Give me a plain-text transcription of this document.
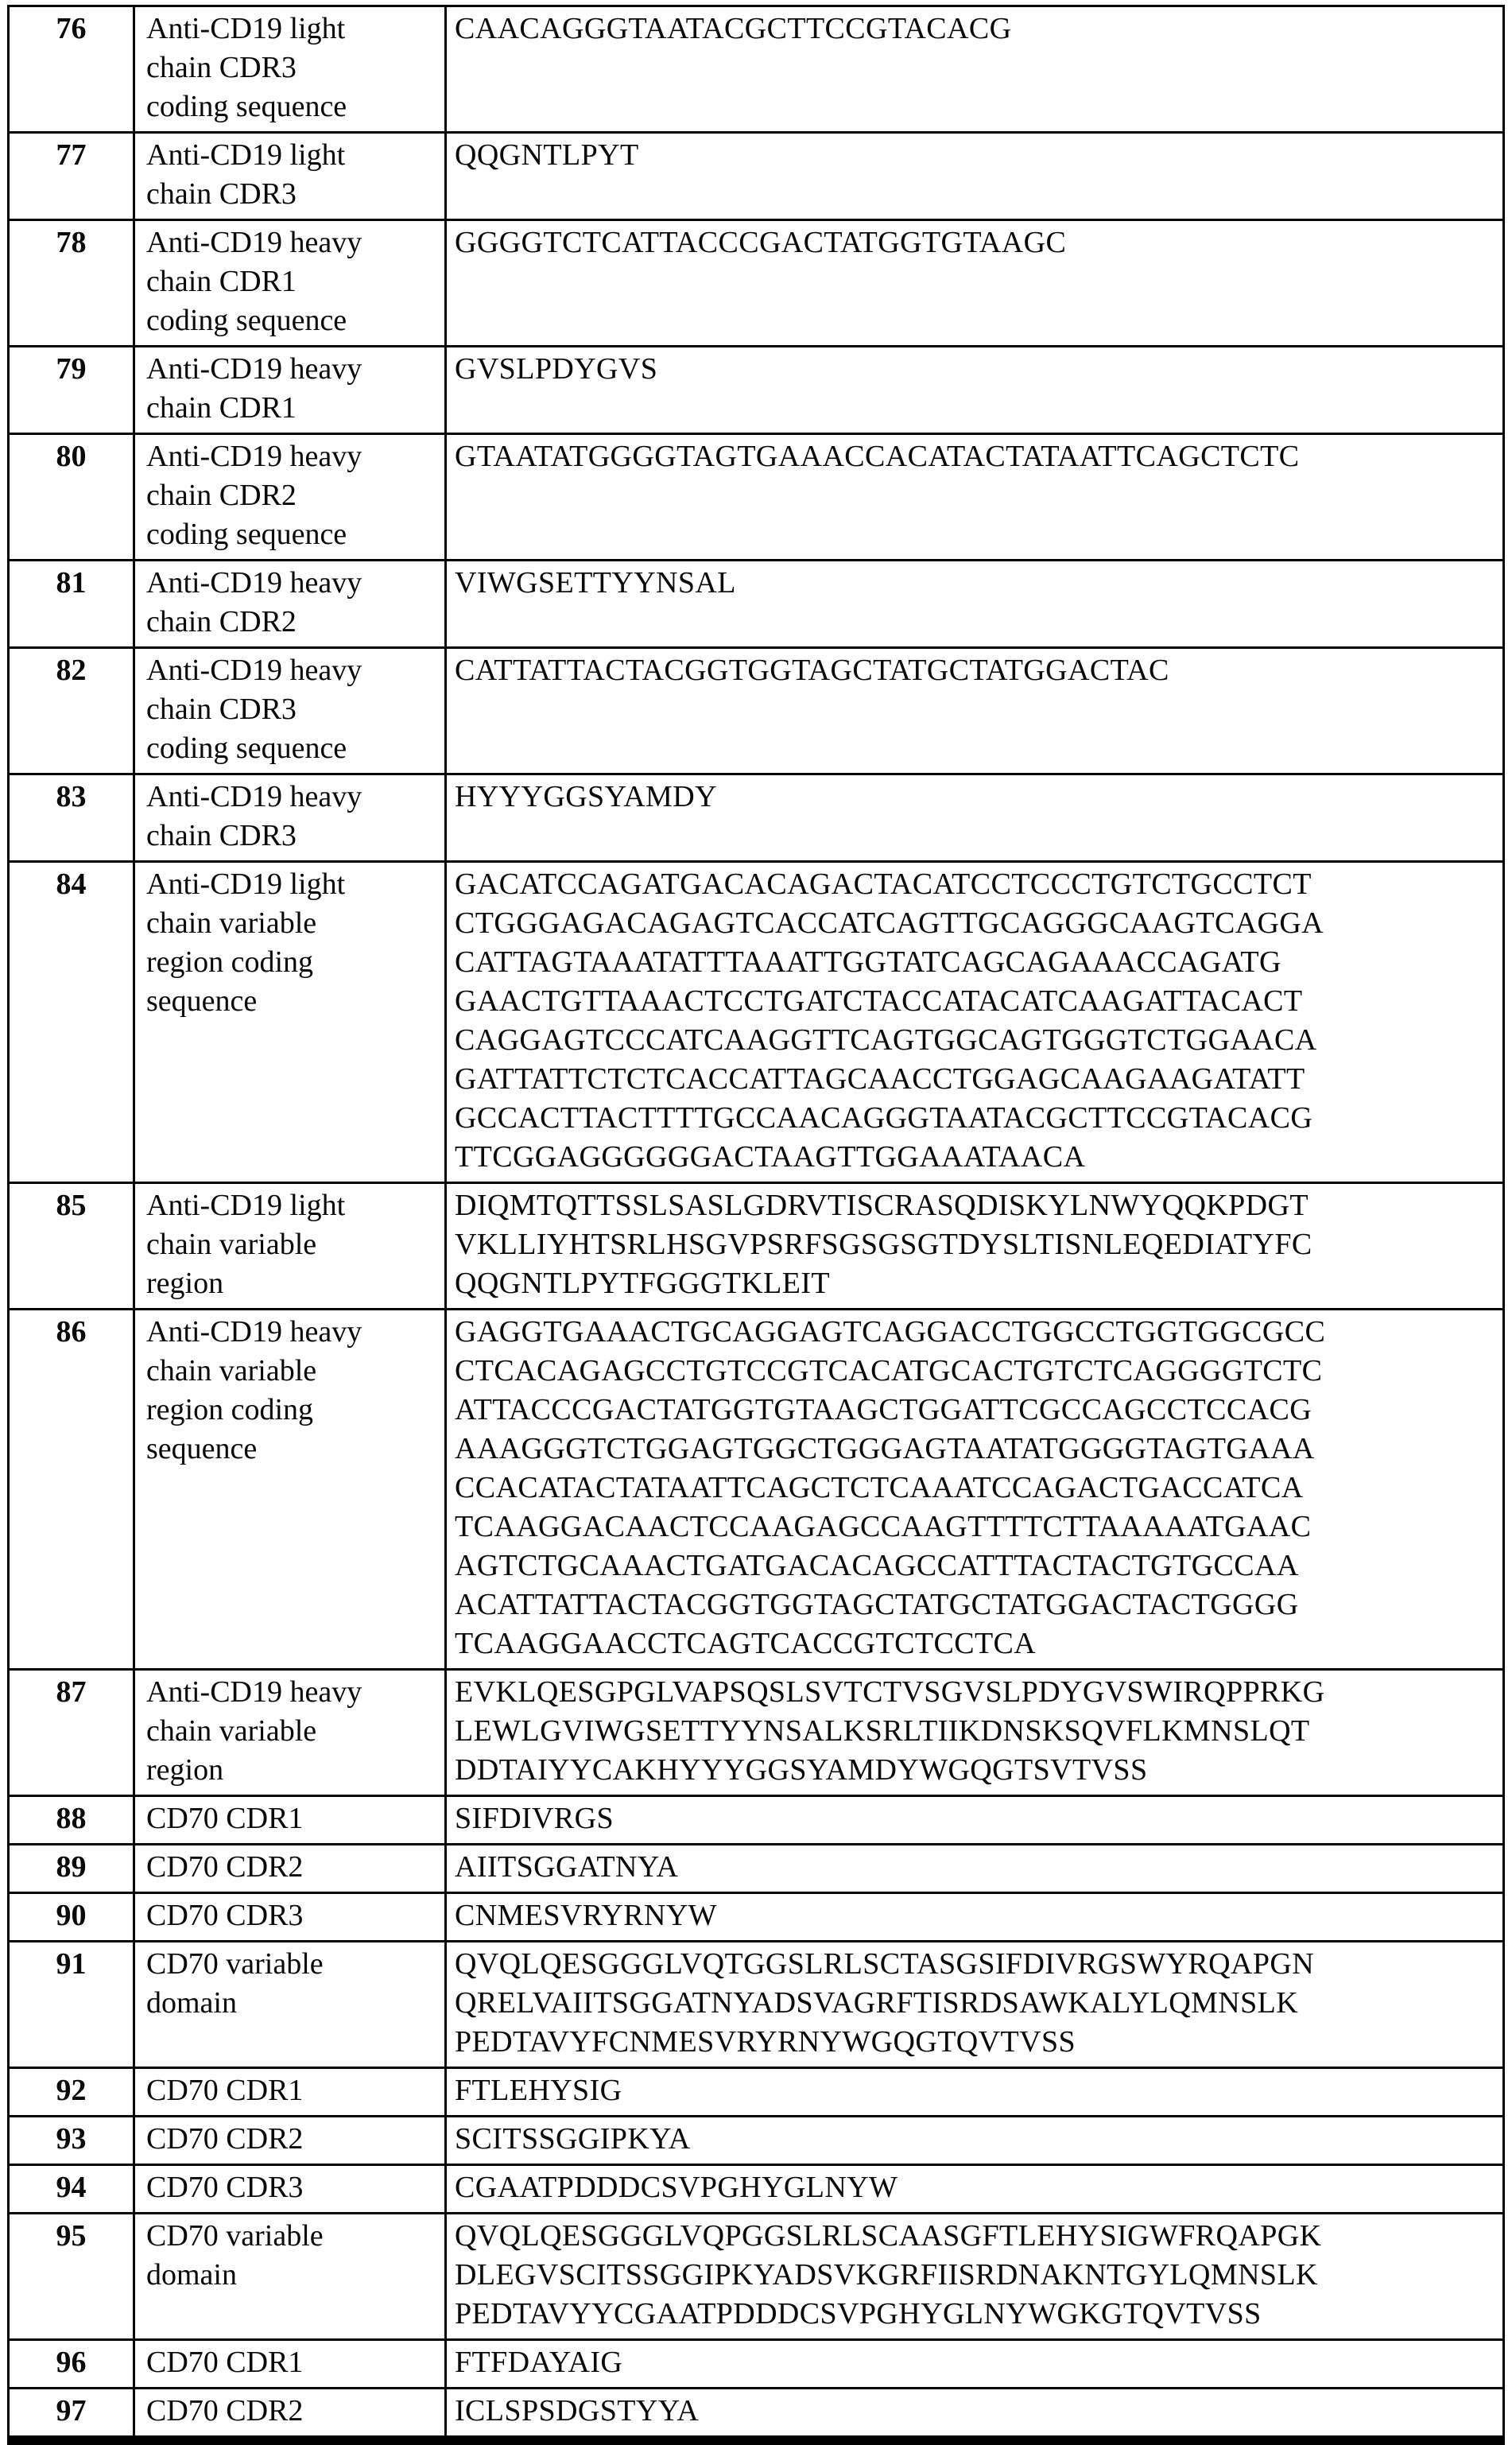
76	Anti-CD19 light
chain CDR3
coding sequence	CAACAGGGTAATACGCTTCCGTACACG
77	Anti-CD19 light
chain CDR3	QQGNTLPYT
78	Anti-CD19 heavy
chain CDR1
coding sequence	GGGGTCTCATTACCCGACTATGGTGTAAGC
79	Anti-CD19 heavy
chain CDR1	GVSLPDYGVS
80	Anti-CD19 heavy
chain CDR2
coding sequence	GTAATATGGGGTAGTGAAACCACATACTATAATTCAGCTCTC
81	Anti-CD19 heavy
chain CDR2	VIWGSETTYYNSAL
82	Anti-CD19 heavy
chain CDR3
coding sequence	CATTATTACTACGGTGGTAGCTATGCTATGGACTAC
83	Anti-CD19 heavy
chain CDR3	HYYYGGSYAMDY
84	Anti-CD19 light
chain variable
region coding
sequence	GACATCCAGATGACACAGACTACATCCTCCCTGTCTGCCTCT
CTGGGAGACAGAGTCACCATCAGTTGCAGGGCAAGTCAGGA
CATTAGTAAATATTTAAATTGGTATCAGCAGAAACCAGATG
GAACTGTTAAACTCCTGATCTACCATACATCAAGATTACACT
CAGGAGTCCCATCAAGGTTCAGTGGCAGTGGGTCTGGAACA
GATTATTCTCTCACCATTAGCAACCTGGAGCAAGAAGATATT
GCCACTTACTTTTGCCAACAGGGTAATACGCTTCCGTACACG
TTCGGAGGGGGGACTAAGTTGGAAATAACA
85	Anti-CD19 light
chain variable
region	DIQMTQTTSSLSASLGDRVTISCRASQDISKYLNWYQQKPDGT
VKLLIYHTSRLHSGVPSRFSGSGSGTDYSLTISNLEQEDIATYFC
QQGNTLPYTFGGGTKLEIT
86	Anti-CD19 heavy
chain variable
region coding
sequence	GAGGTGAAACTGCAGGAGTCAGGACCTGGCCTGGTGGCGCC
CTCACAGAGCCTGTCCGTCACATGCACTGTCTCAGGGGTCTC
ATTACCCGACTATGGTGTAAGCTGGATTCGCCAGCCTCCACG
AAAGGGTCTGGAGTGGCTGGGAGTAATATGGGGTAGTGAAA
CCACATACTATAATTCAGCTCTCAAATCCAGACTGACCATCA
TCAAGGACAACTCCAAGAGCCAAGTTTTCTTAAAAATGAAC
AGTCTGCAAACTGATGACACAGCCATTTACTACTGTGCCAA
ACATTATTACTACGGTGGTAGCTATGCTATGGACTACTGGGG
TCAAGGAACCTCAGTCACCGTCTCCTCA
87	Anti-CD19 heavy
chain variable
region	EVKLQESGPGLVAPSQSLSVTCTVSGVSLPDYGVSWIRQPPRKG
LEWLGVIWGSETTYYNSALKSRLTIIKDNSKSQVFLKMNSLQT
DDTAIYYCAKHYYYGGSYAMDYWGQGTSVTVSS
88	CD70 CDR1	SIFDIVRGS
89	CD70 CDR2	AIITSGGATNYA
90	CD70 CDR3	CNMESVRYRNYW
91	CD70 variable
domain	QVQLQESGGGLVQTGGSLRLSCTASGSIFDIVRGSWYRQAPGN
QRELVAIITSGGATNYADSVAGRFTISRDSAWKALYLQMNSLK
PEDTAVYFCNMESVRYRNYWGQGTQVTVSS
92	CD70 CDR1	FTLEHYSIG
93	CD70 CDR2	SCITSSGGIPKYA
94	CD70 CDR3	CGAATPDDDCSVPGHYGLNYW
95	CD70 variable
domain	QVQLQESGGGLVQPGGSLRLSCAASGFTLEHYSIGWFRQAPGK
DLEGVSCITSSGGIPKYADSVKGRFIISRDNAKNTGYLQMNSLK
PEDTAVYYCGAATPDDDCSVPGHYGLNYWGKGTQVTVSS
96	CD70 CDR1	FTFDAYAIG
97	CD70 CDR2	ICLSPSDGSTYYA
